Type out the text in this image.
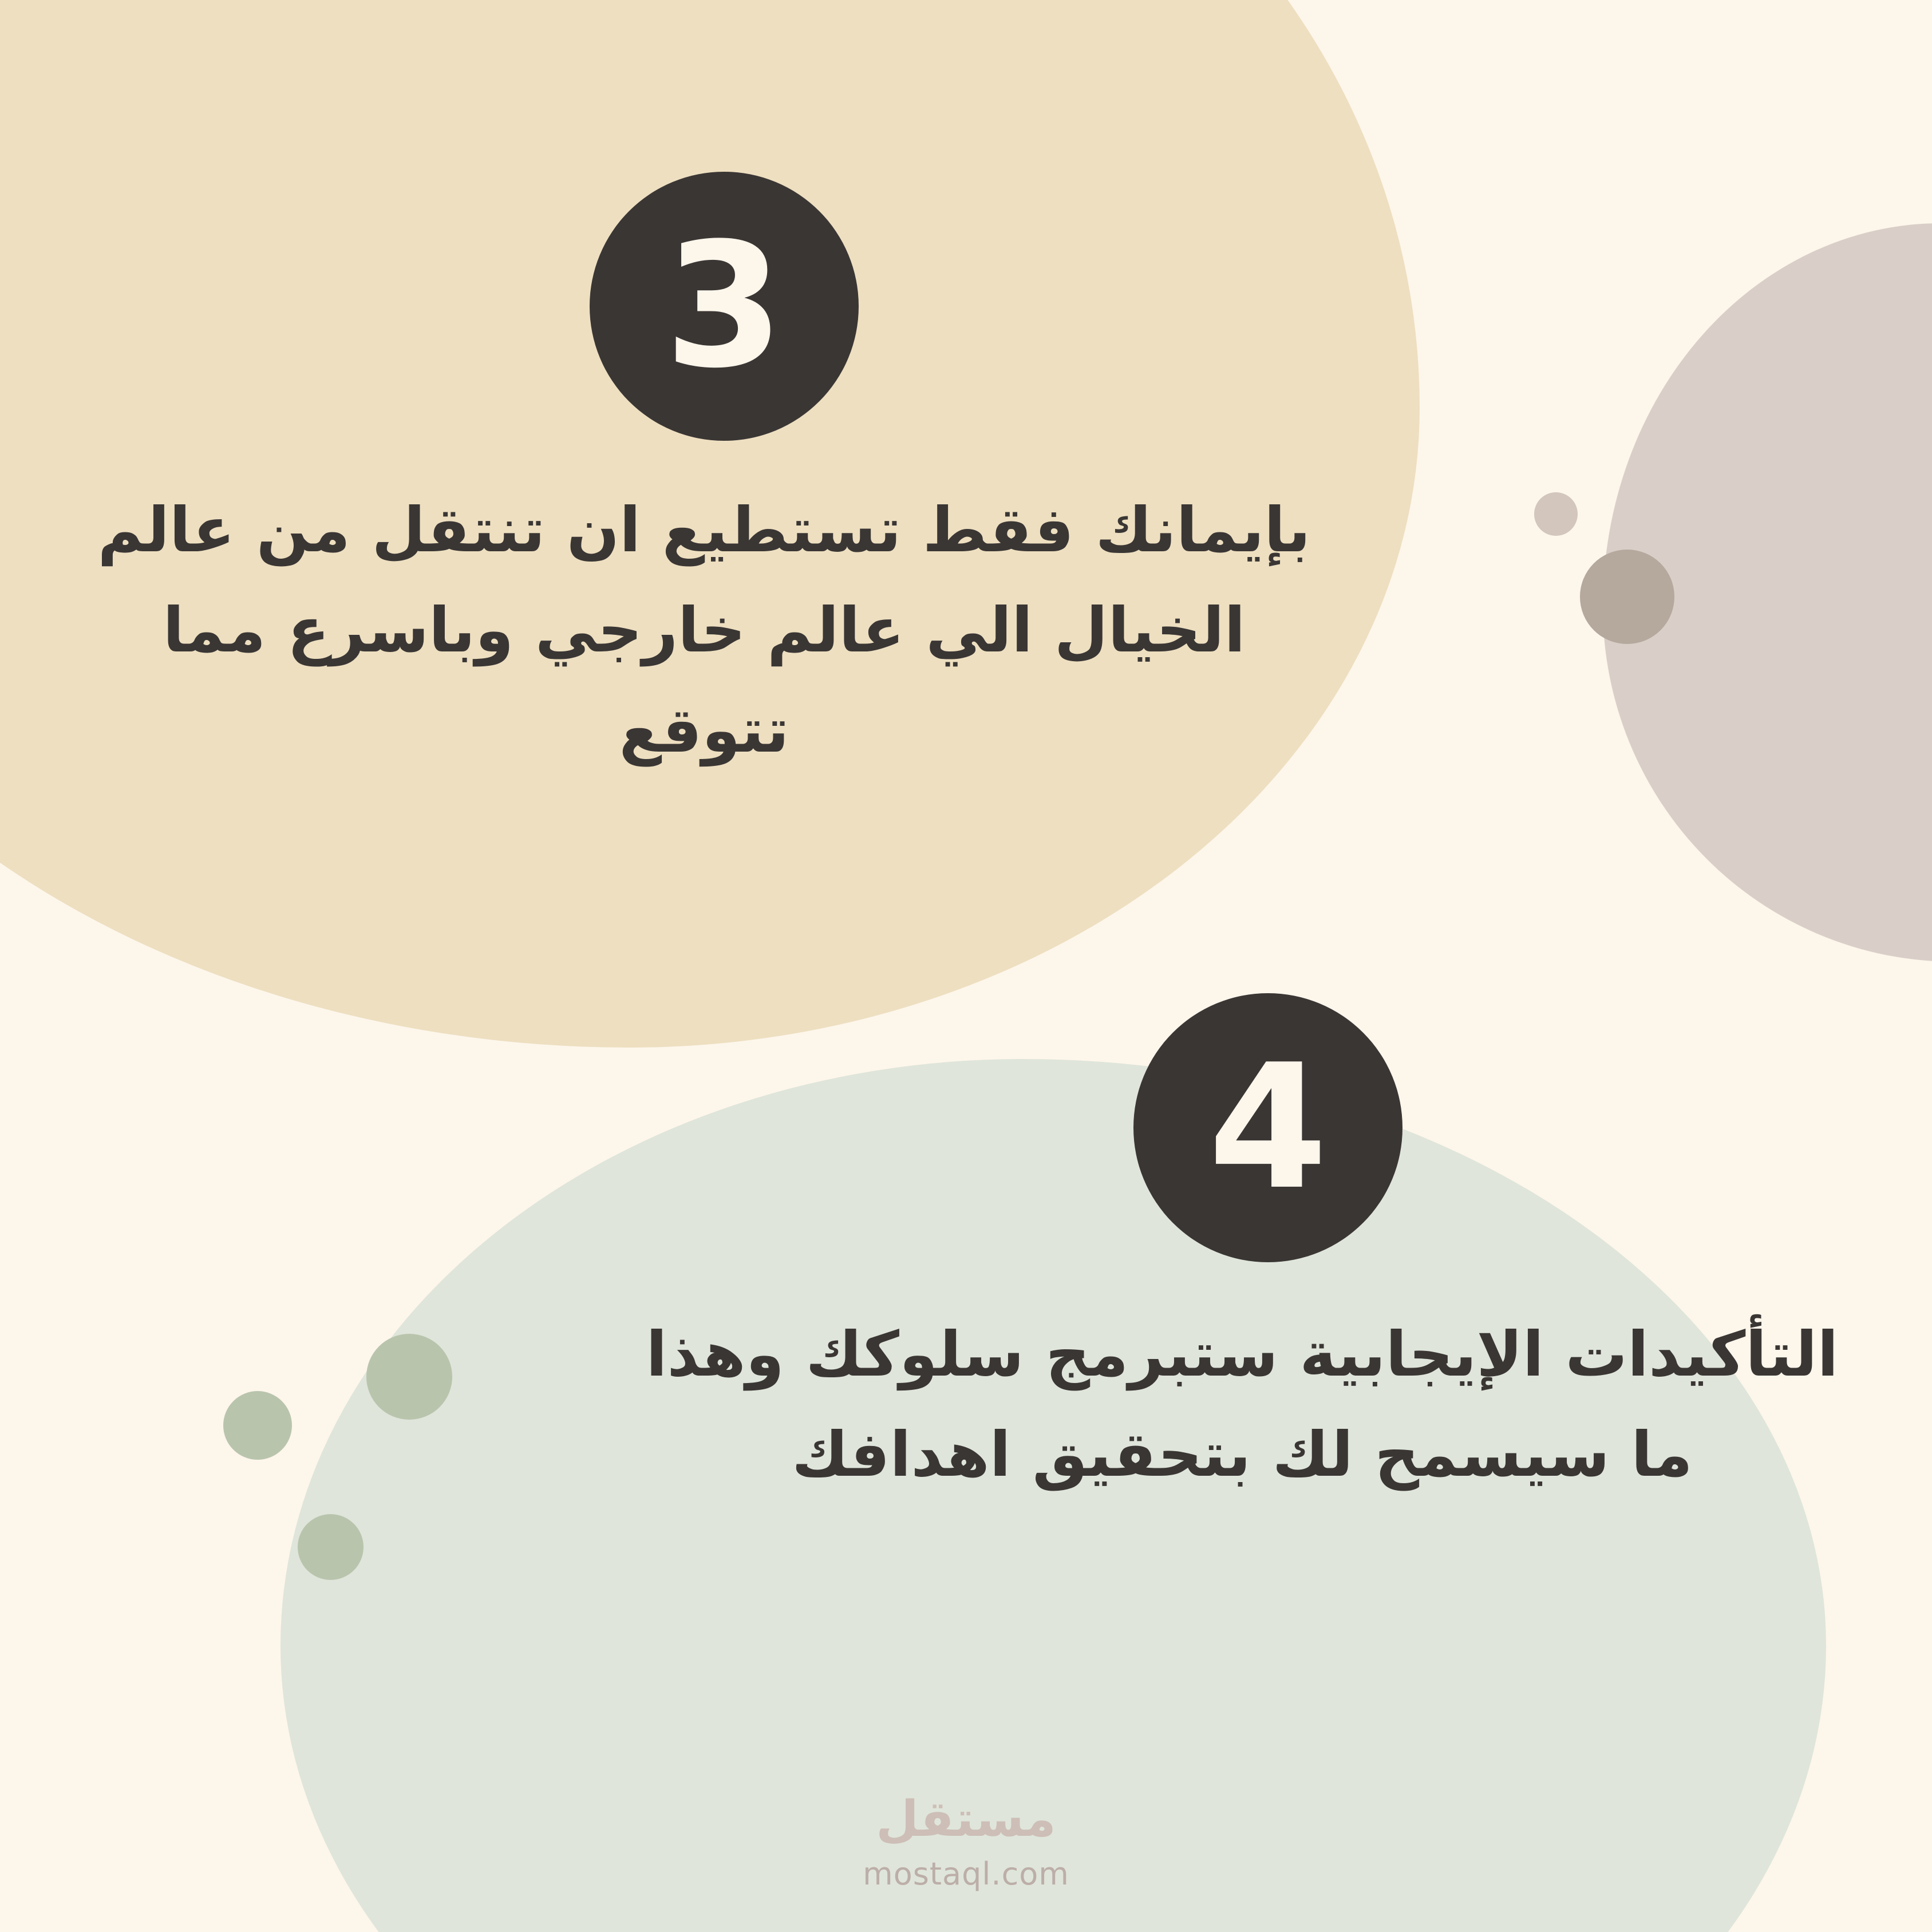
3
بإيمانك فقط تستطيع ان تنتقل من عالم الخيال الي عالم خارجي وباسرع مما تتوقع
4
التأكيدات الإيجابية ستبرمج سلوكك وهذا ما سيسمح لك بتحقيق اهدافك
مستقل
mostaql.com
